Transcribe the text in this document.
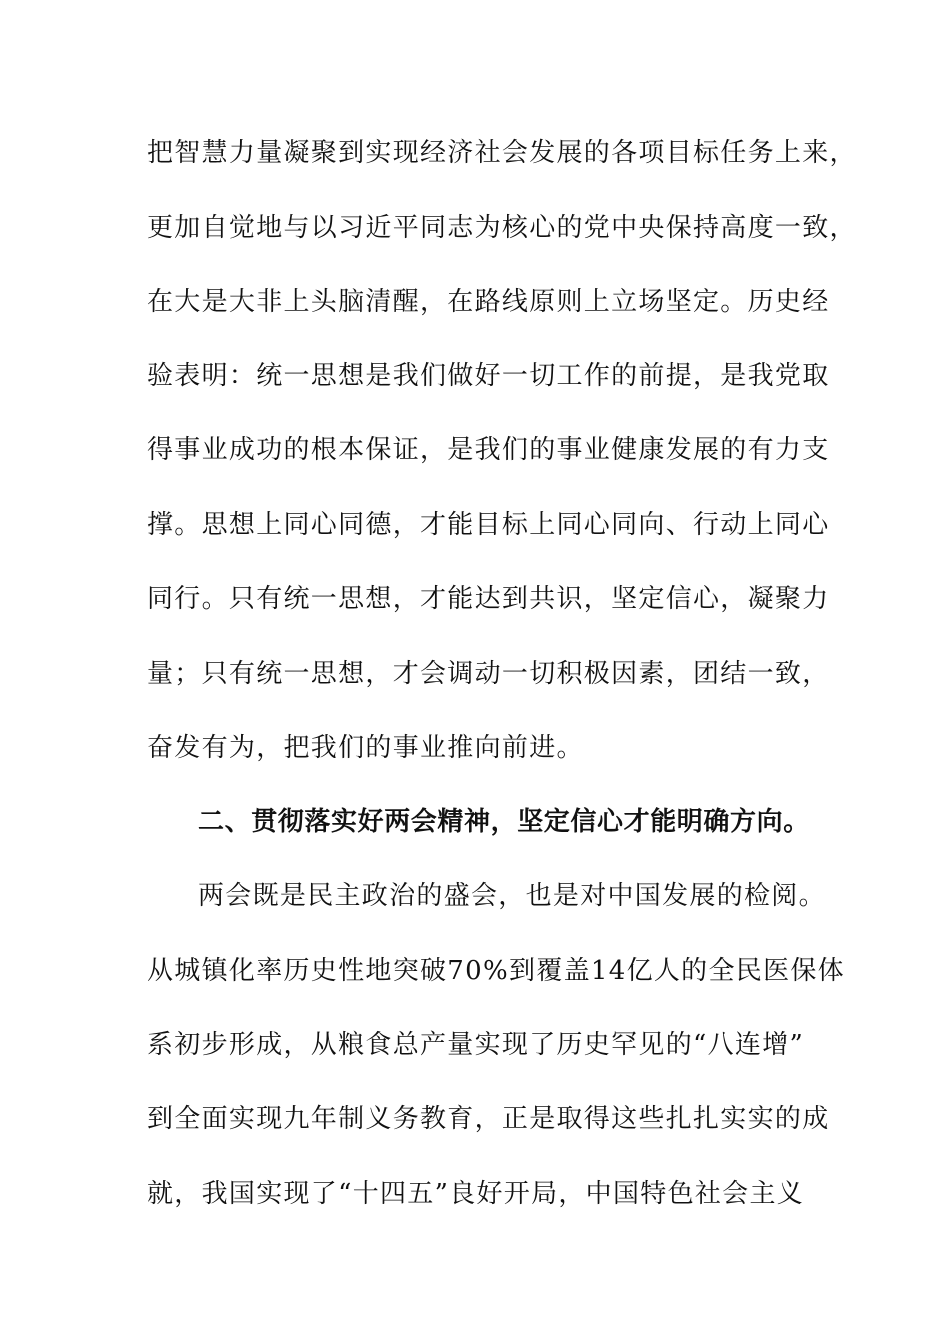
把智慧力量凝聚到实现经济社会发展的各项目标任务上来，
更加自觉地与以习近平同志为核心的党中央保持高度一致，
在大是大非上头脑清醒，在路线原则上立场坚定。历史经
验表明：统一思想是我们做好一切工作的前提，是我党取
得事业成功的根本保证，是我们的事业健康发展的有力支
撑。思想上同心同德，才能目标上同心同向、行动上同心
同行。只有统一思想，才能达到共识，坚定信心，凝聚力
量；只有统一思想，才会调动一切积极因素，团结一致，
奋发有为，把我们的事业推向前进。
二、贯彻落实好两会精神，坚定信心才能明确方向。
两会既是民主政治的盛会，也是对中国发展的检阅。
从城镇化率历史性地突破70%到覆盖14亿人的全民医保体
系初步形成，从粮食总产量实现了历史罕见的“八连增”
到全面实现九年制义务教育，正是取得这些扎扎实实的成
就，我国实现了“十四五”良好开局，中国特色社会主义
